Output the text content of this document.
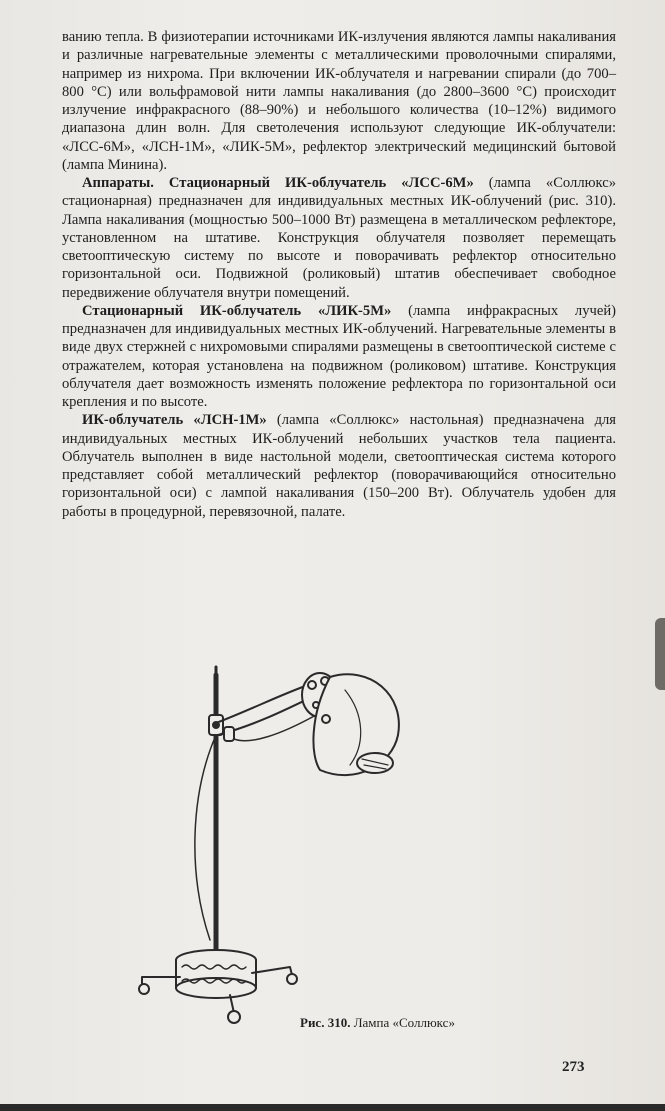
ванию тепла. В физиотерапии источниками ИК-излучения являются лампы накаливания и различные нагревательные элементы с металлическими проволочными спиралями, например из нихрома. При включении ИК-облучателя и нагревании спирали (до 700–800 °С) или вольфрамовой нити лампы накаливания (до 2800–3600 °С) происходит излучение инфракрасного (88–90%) и небольшого количества (10–12%) видимого диапазона длин волн. Для светолечения используют следующие ИК-облучатели: «ЛСС-6М», «ЛСН-1М», «ЛИК-5М», рефлектор электрический медицинский бытовой (лампа Минина).

Аппараты. Стационарный ИК-облучатель «ЛСС-6М» (лампа «Соллюкс» стационарная) предназначен для индивидуальных местных ИК-облучений (рис. 310). Лампа накаливания (мощностью 500–1000 Вт) размещена в металлическом рефлекторе, установленном на штативе. Конструкция облучателя позволяет перемещать светооптическую систему по высоте и поворачивать рефлектор относительно горизонтальной оси. Подвижной (роликовый) штатив обеспечивает свободное передвижение облучателя внутри помещений.

Стационарный ИК-облучатель «ЛИК-5М» (лампа инфракрасных лучей) предназначен для индивидуальных местных ИК-облучений. Нагревательные элементы в виде двух стержней с нихромовыми спиралями размещены в светооптической системе с отражателем, которая установлена на подвижном (роликовом) штативе. Конструкция облучателя дает возможность изменять положение рефлектора по горизонтальной оси крепления и по высоте.

ИК-облучатель «ЛСН-1М» (лампа «Соллюкс» настольная) предназначена для индивидуальных местных ИК-облучений небольших участков тела пациента. Облучатель выполнен в виде настольной модели, светооптическая система которого представляет собой металлический рефлектор (поворачивающийся относительно горизонтальной оси) с лампой накаливания (150–200 Вт). Облучатель удобен для работы в процедурной, перевязочной, палате.

Рис. 310. Лампа «Соллюкс»
273
